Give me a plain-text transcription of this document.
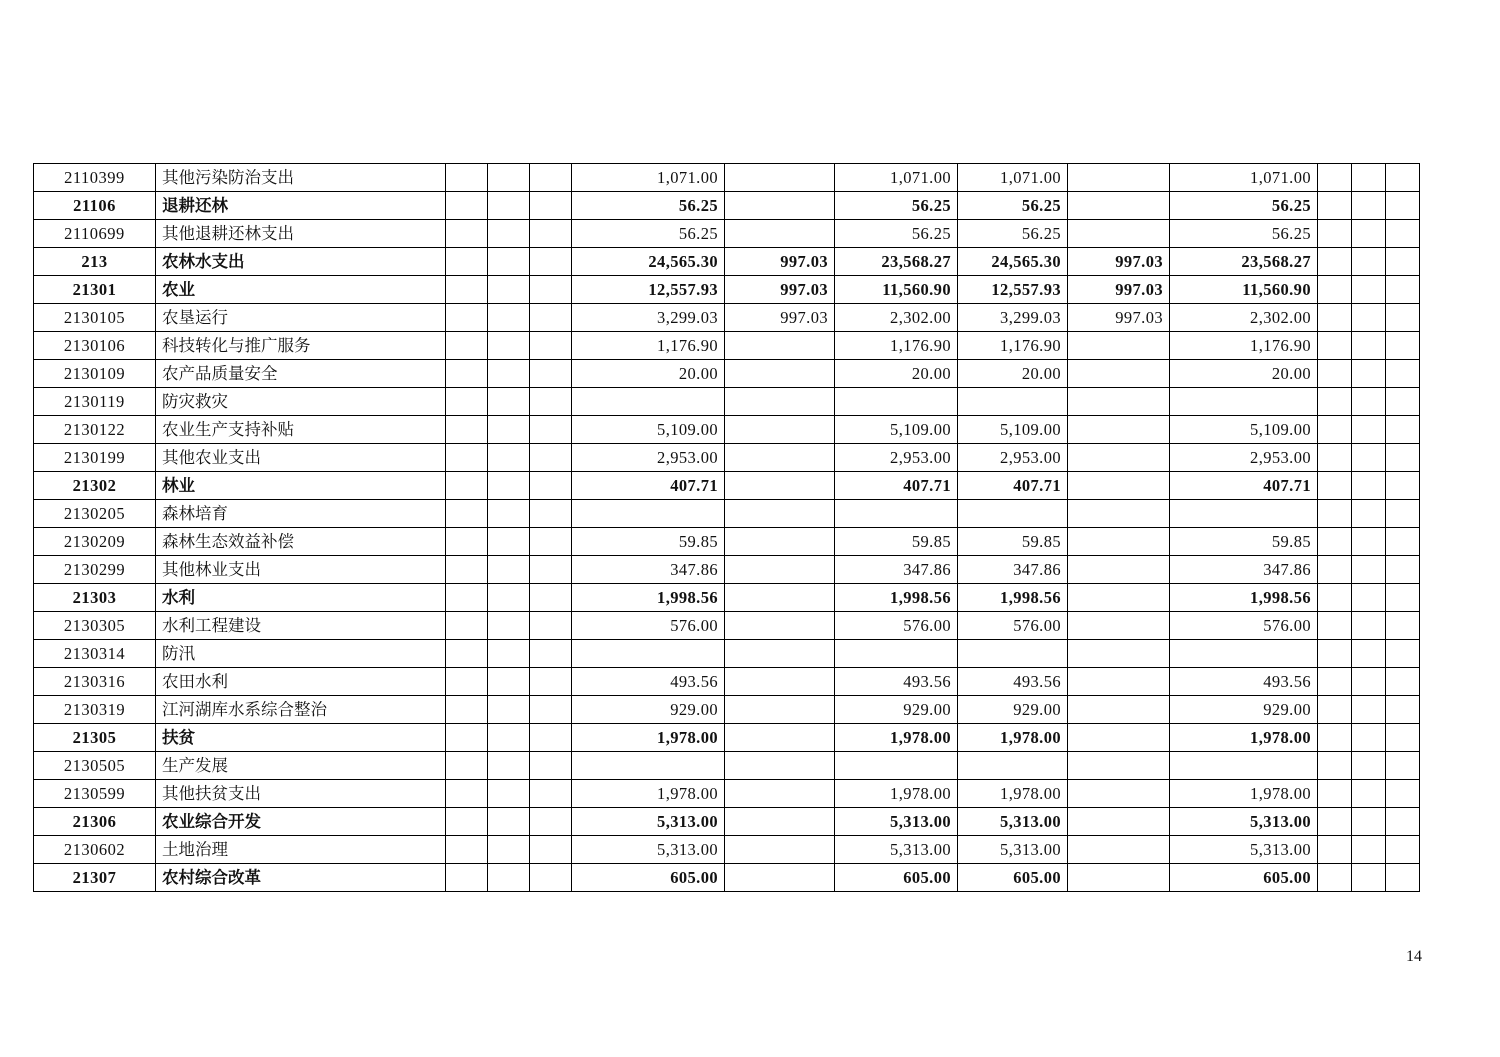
2110399	其他污染防治支出				1,071.00		1,071.00	1,071.00		1,071.00			
21106	退耕还林				56.25		56.25	56.25		56.25			
2110699	其他退耕还林支出				56.25		56.25	56.25		56.25			
213	农林水支出				24,565.30	997.03	23,568.27	24,565.30	997.03	23,568.27			
21301	农业				12,557.93	997.03	11,560.90	12,557.93	997.03	11,560.90			
2130105	农垦运行				3,299.03	997.03	2,302.00	3,299.03	997.03	2,302.00			
2130106	科技转化与推广服务				1,176.90		1,176.90	1,176.90		1,176.90			
2130109	农产品质量安全				20.00		20.00	20.00		20.00			
2130119	防灾救灾												
2130122	农业生产支持补贴				5,109.00		5,109.00	5,109.00		5,109.00			
2130199	其他农业支出				2,953.00		2,953.00	2,953.00		2,953.00			
21302	林业				407.71		407.71	407.71		407.71			
2130205	森林培育												
2130209	森林生态效益补偿				59.85		59.85	59.85		59.85			
2130299	其他林业支出				347.86		347.86	347.86		347.86			
21303	水利				1,998.56		1,998.56	1,998.56		1,998.56			
2130305	水利工程建设				576.00		576.00	576.00		576.00			
2130314	防汛												
2130316	农田水利				493.56		493.56	493.56		493.56			
2130319	江河湖库水系综合整治				929.00		929.00	929.00		929.00			
21305	扶贫				1,978.00		1,978.00	1,978.00		1,978.00			
2130505	生产发展												
2130599	其他扶贫支出				1,978.00		1,978.00	1,978.00		1,978.00			
21306	农业综合开发				5,313.00		5,313.00	5,313.00		5,313.00			
2130602	土地治理				5,313.00		5,313.00	5,313.00		5,313.00			
21307	农村综合改革				605.00		605.00	605.00		605.00			
14
